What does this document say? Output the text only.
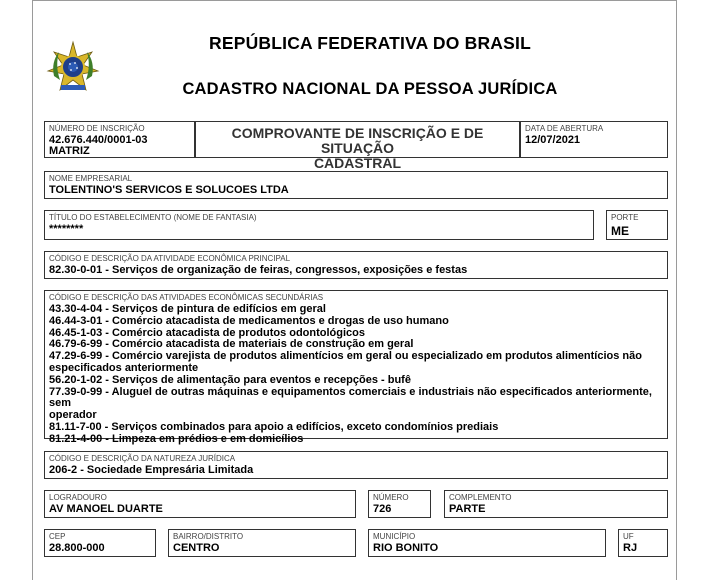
REPÚBLICA FEDERATIVA DO BRASIL
CADASTRO NACIONAL DA PESSOA JURÍDICA
NÚMERO DE INSCRIÇÃO
42.676.440/0001-03
MATRIZ
COMPROVANTE DE INSCRIÇÃO E DE SITUAÇÃO
CADASTRAL
DATA DE ABERTURA
12/07/2021
NOME EMPRESARIAL
TOLENTINO'S SERVICOS E SOLUCOES LTDA
TÍTULO DO ESTABELECIMENTO (NOME DE FANTASIA)
********
PORTE
ME
CÓDIGO E DESCRIÇÃO DA ATIVIDADE ECONÔMICA PRINCIPAL
82.30-0-01 - Serviços de organização de feiras, congressos, exposições e festas
CÓDIGO E DESCRIÇÃO DAS ATIVIDADES ECONÔMICAS SECUNDÁRIAS
43.30-4-04 - Serviços de pintura de edifícios em geral
46.44-3-01 - Comércio atacadista de medicamentos e drogas de uso humano
46.45-1-03 - Comércio atacadista de produtos odontológicos
46.79-6-99 - Comércio atacadista de materiais de construção em geral
47.29-6-99 - Comércio varejista de produtos alimentícios em geral ou especializado em produtos alimentícios não
especificados anteriormente
56.20-1-02 - Serviços de alimentação para eventos e recepções - bufê
77.39-0-99 - Aluguel de outras máquinas e equipamentos comerciais e industriais não especificados anteriormente, sem
operador
81.11-7-00 - Serviços combinados para apoio a edifícios, exceto condomínios prediais
81.21-4-00 - Limpeza em prédios e em domicílios
CÓDIGO E DESCRIÇÃO DA NATUREZA JURÍDICA
206-2 - Sociedade Empresária Limitada
LOGRADOURO
AV MANOEL DUARTE
NÚMERO
726
COMPLEMENTO
PARTE
CEP
28.800-000
BAIRRO/DISTRITO
CENTRO
MUNICÍPIO
RIO BONITO
UF
RJ
